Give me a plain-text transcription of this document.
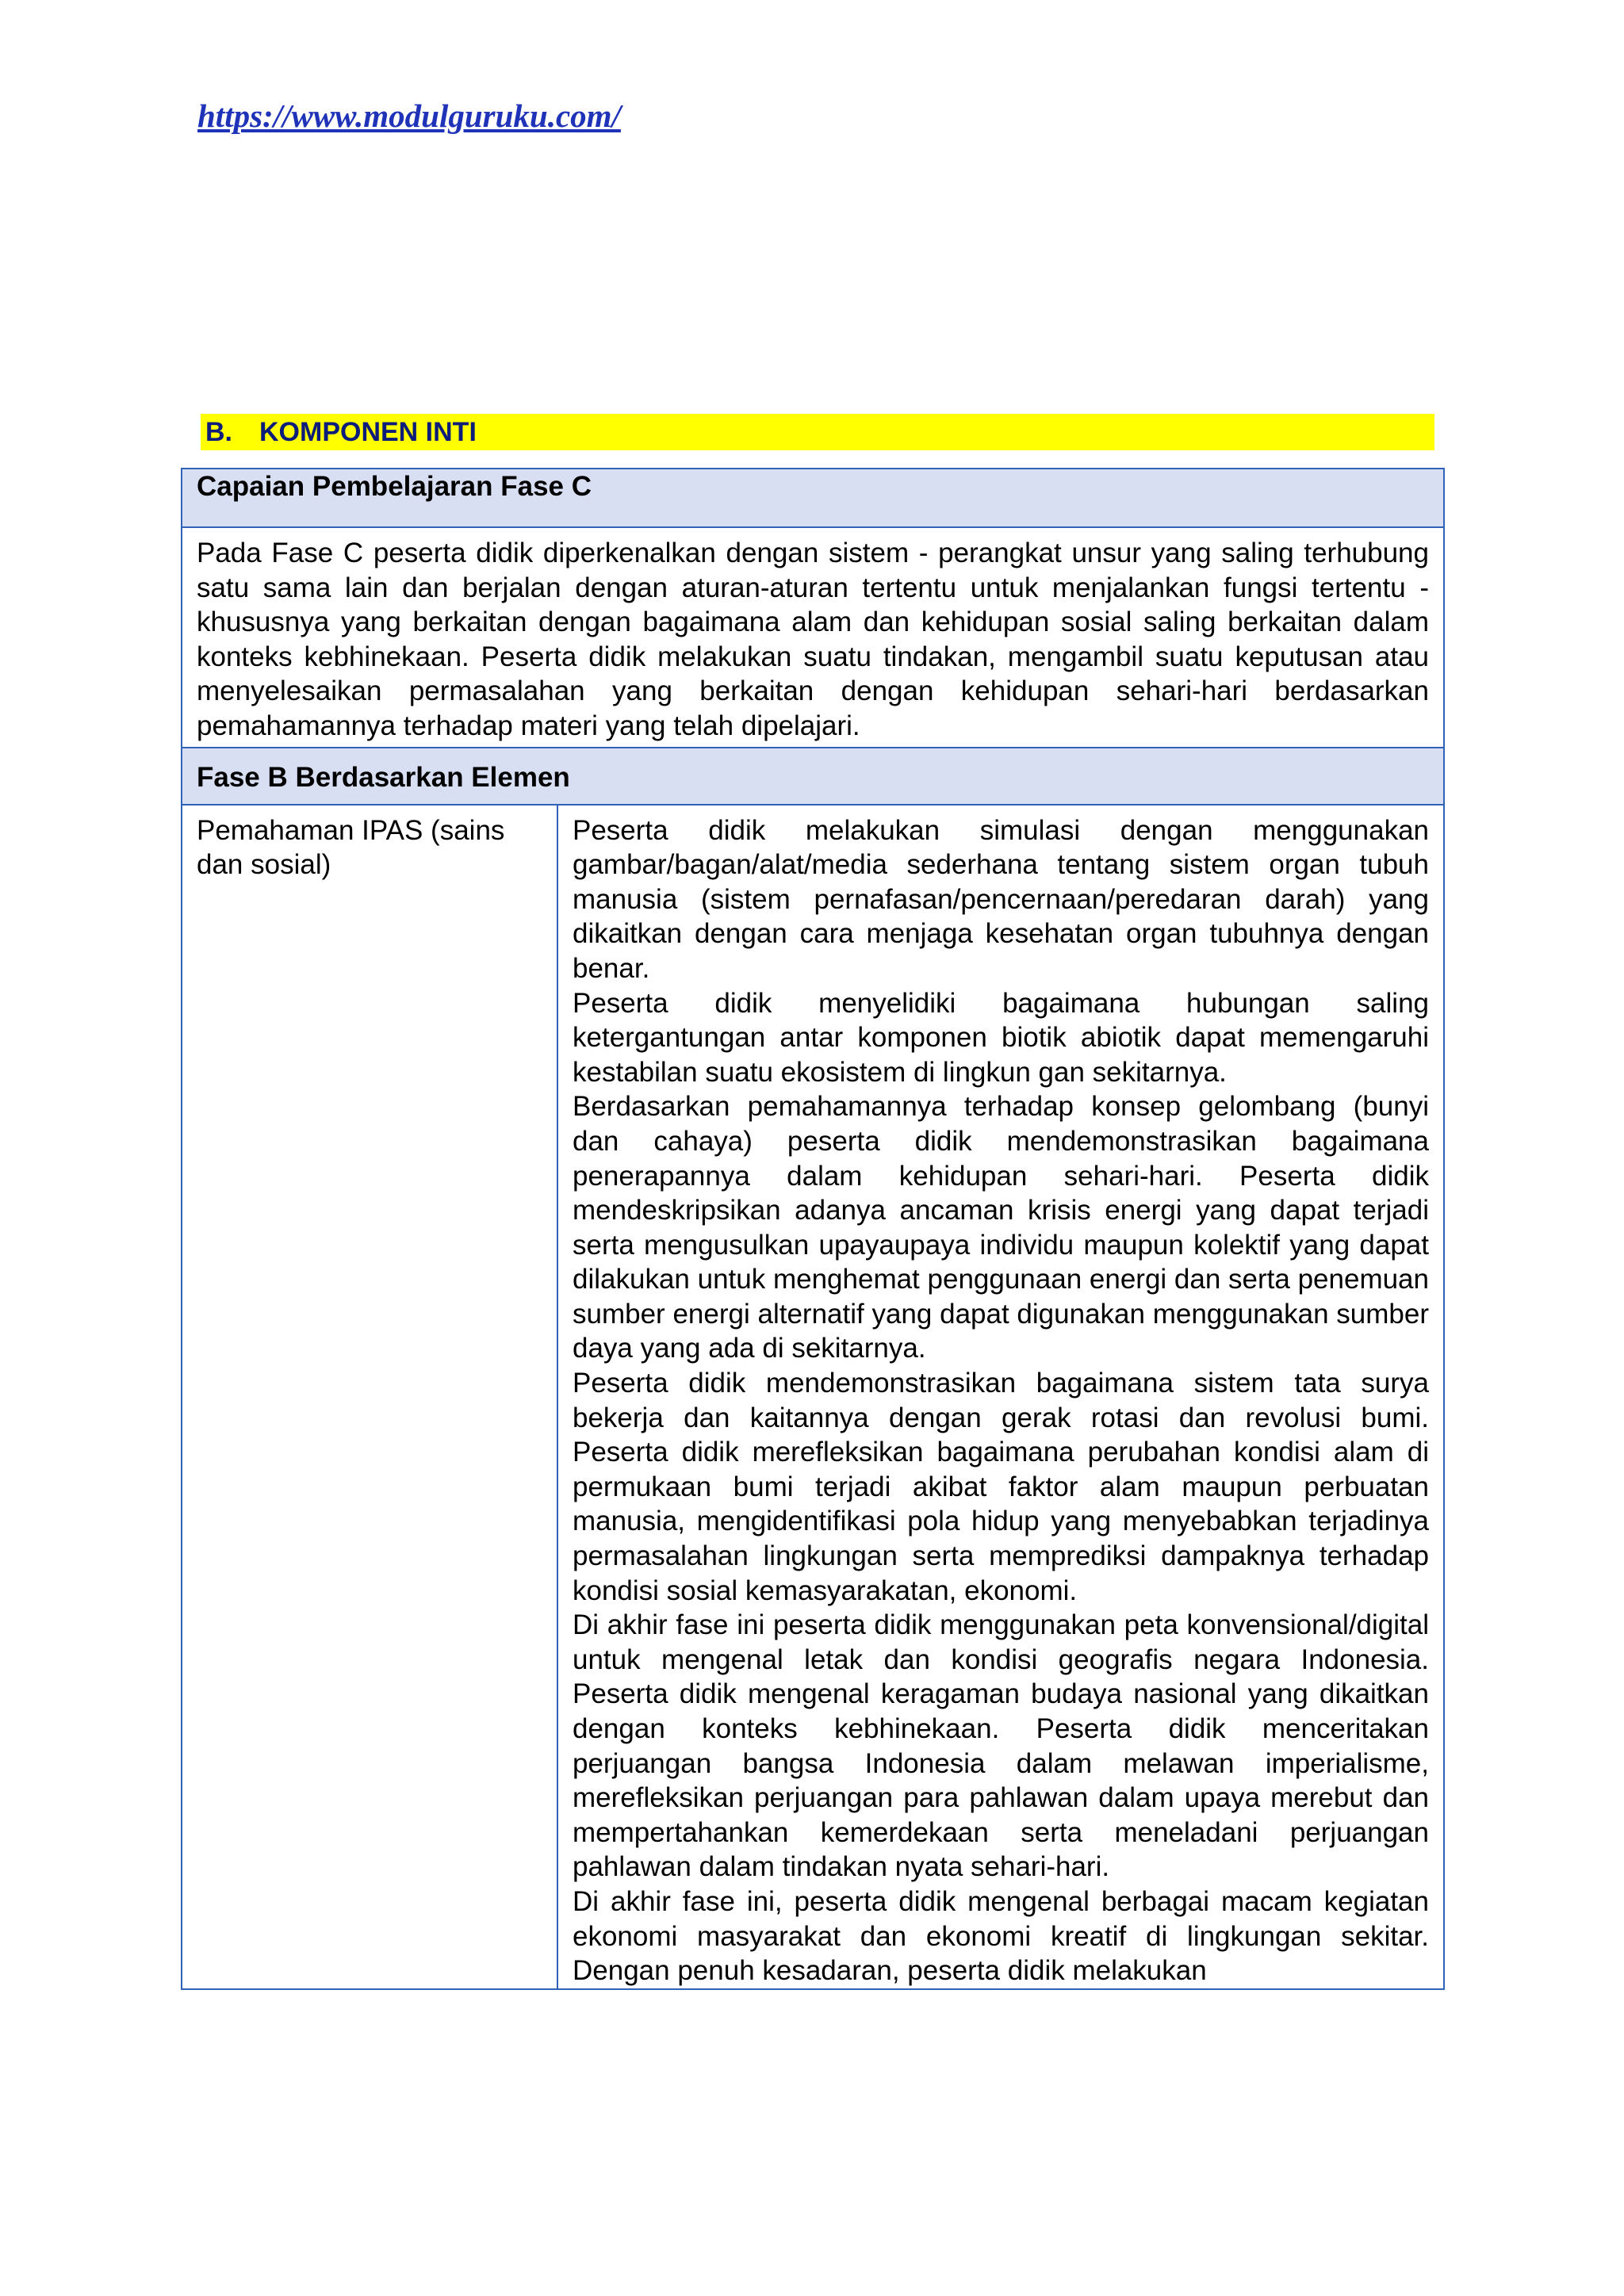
https://www.modulguruku.com/
B. KOMPONEN INTI
Capaian Pembelajaran Fase C

Pada Fase C peserta didik diperkenalkan dengan sistem - perangkat unsur yang saling terhubung satu sama lain dan berjalan dengan aturan-aturan tertentu untuk menjalankan fungsi tertentu - khususnya yang berkaitan dengan bagaimana alam dan kehidupan sosial saling berkaitan dalam konteks kebhinekaan. Peserta didik melakukan suatu tindakan, mengambil suatu keputusan atau menyelesaikan permasalahan yang berkaitan dengan kehidupan sehari-hari berdasarkan pemahamannya terhadap materi yang telah dipelajari.

Fase B Berdasarkan Elemen
Pemahaman IPAS (sains dan sosial)

Peserta didik melakukan simulasi dengan menggunakan gambar/bagan/alat/media sederhana tentang sistem organ tubuh manusia (sistem pernafasan/pencernaan/peredaran darah) yang dikaitkan dengan cara menjaga kesehatan organ tubuhnya dengan benar.

Peserta didik menyelidiki bagaimana hubungan saling ketergantungan antar komponen biotik abiotik dapat memengaruhi kestabilan suatu ekosistem di lingkun gan sekitarnya.

Berdasarkan pemahamannya terhadap konsep gelombang (bunyi dan cahaya) peserta didik mendemonstrasikan bagaimana penerapannya dalam kehidupan sehari-hari. Peserta didik mendeskripsikan adanya ancaman krisis energi yang dapat terjadi serta mengusulkan upayaupaya individu maupun kolektif yang dapat dilakukan untuk menghemat penggunaan energi dan serta penemuan sumber energi alternatif yang dapat digunakan menggunakan sumber daya yang ada di sekitarnya.

Peserta didik mendemonstrasikan bagaimana sistem tata surya bekerja dan kaitannya dengan gerak rotasi dan revolusi bumi. Peserta didik merefleksikan bagaimana perubahan kondisi alam di permukaan bumi terjadi akibat faktor alam maupun perbuatan manusia, mengidentifikasi pola hidup yang menyebabkan terjadinya permasalahan lingkungan serta memprediksi dampaknya terhadap kondisi sosial kemasyarakatan, ekonomi.

Di akhir fase ini peserta didik menggunakan peta konvensional/digital untuk mengenal letak dan kondisi geografis negara Indonesia. Peserta didik mengenal keragaman budaya nasional yang dikaitkan dengan konteks kebhinekaan. Peserta didik menceritakan perjuangan bangsa Indonesia dalam melawan imperialisme, merefleksikan perjuangan para pahlawan dalam upaya merebut dan mempertahankan kemerdekaan serta meneladani perjuangan pahlawan dalam tindakan nyata sehari-hari.

Di akhir fase ini, peserta didik mengenal berbagai macam kegiatan ekonomi masyarakat dan ekonomi kreatif di lingkungan sekitar. Dengan penuh kesadaran, peserta didik melakukan
